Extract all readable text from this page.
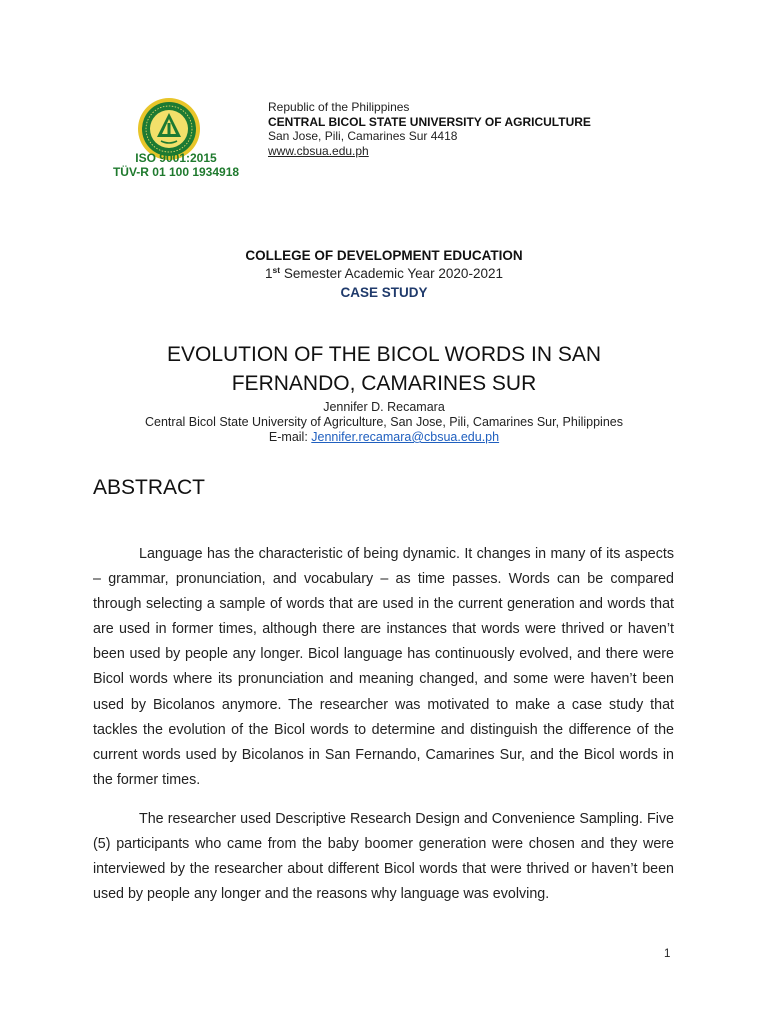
ISO 9001:2015
TÜV-R 01 100 1934918
Republic of the Philippines
CENTRAL BICOL STATE UNIVERSITY OF AGRICULTURE
San Jose, Pili, Camarines Sur 4418
www.cbsua.edu.ph
COLLEGE OF DEVELOPMENT EDUCATION
1st Semester Academic Year 2020-2021
CASE STUDY
EVOLUTION OF THE BICOL WORDS IN SAN
FERNANDO, CAMARINES SUR
Jennifer D. Recamara
Central Bicol State University of Agriculture, San Jose, Pili, Camarines Sur, Philippines
E-mail: Jennifer.recamara@cbsua.edu.ph
ABSTRACT

Language has the characteristic of being dynamic. It changes in many of its aspects – grammar, pronunciation, and vocabulary – as time passes. Words can be compared through selecting a sample of words that are used in the current generation and words that are used in former times, although there are instances that words were thrived or haven’t been used by people any longer. Bicol language has continuously evolved, and there were Bicol words where its pronunciation and meaning changed, and some were haven’t been used by Bicolanos anymore. The researcher was motivated to make a case study that tackles the evolution of the Bicol words to determine and distinguish the difference of the current words used by Bicolanos in San Fernando, Camarines Sur, and the Bicol words in the former times.

The researcher used Descriptive Research Design and Convenience Sampling. Five (5) participants who came from the baby boomer generation were chosen and they were interviewed by the researcher about different Bicol words that were thrived or haven’t been used by people any longer and the reasons why language was evolving.

1
